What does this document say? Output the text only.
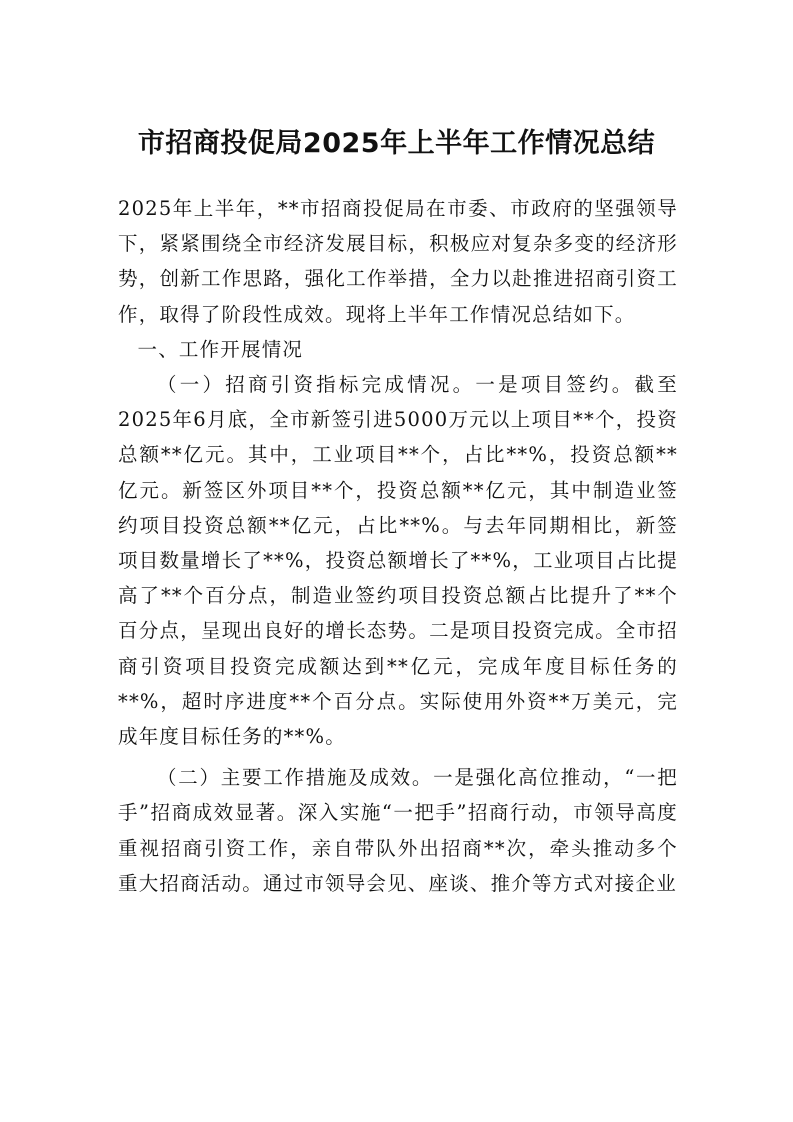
市招商投促局2025年上半年工作情况总结

2025年上半年，**市招商投促局在市委、市政府的坚强领导下，紧紧围绕全市经济发展目标，积极应对复杂多变的经济形势，创新工作思路，强化工作举措，全力以赴推进招商引资工作，取得了阶段性成效。现将上半年工作情况总结如下。

一、工作开展情况

（一）招商引资指标完成情况。一是项目签约。截至2025年6月底，全市新签引进5000万元以上项目**个，投资总额**亿元。其中，工业项目**个，占比**%，投资总额**亿元。新签区外项目**个，投资总额**亿元，其中制造业签约项目投资总额**亿元，占比**%。与去年同期相比，新签项目数量增长了**%，投资总额增长了**%，工业项目占比提高了**个百分点，制造业签约项目投资总额占比提升了**个百分点，呈现出良好的增长态势。二是项目投资完成。全市招商引资项目投资完成额达到**亿元，完成年度目标任务的**%，超时序进度**个百分点。实际使用外资**万美元，完成年度目标任务的**%。

（二）主要工作措施及成效。一是强化高位推动，“一把手”招商成效显著。深入实施“一把手”招商行动，市领导高度重视招商引资工作，亲自带队外出招商**次，牵头推动多个重大招商活动。通过市领导会见、座谈、推介等方式对接企业
